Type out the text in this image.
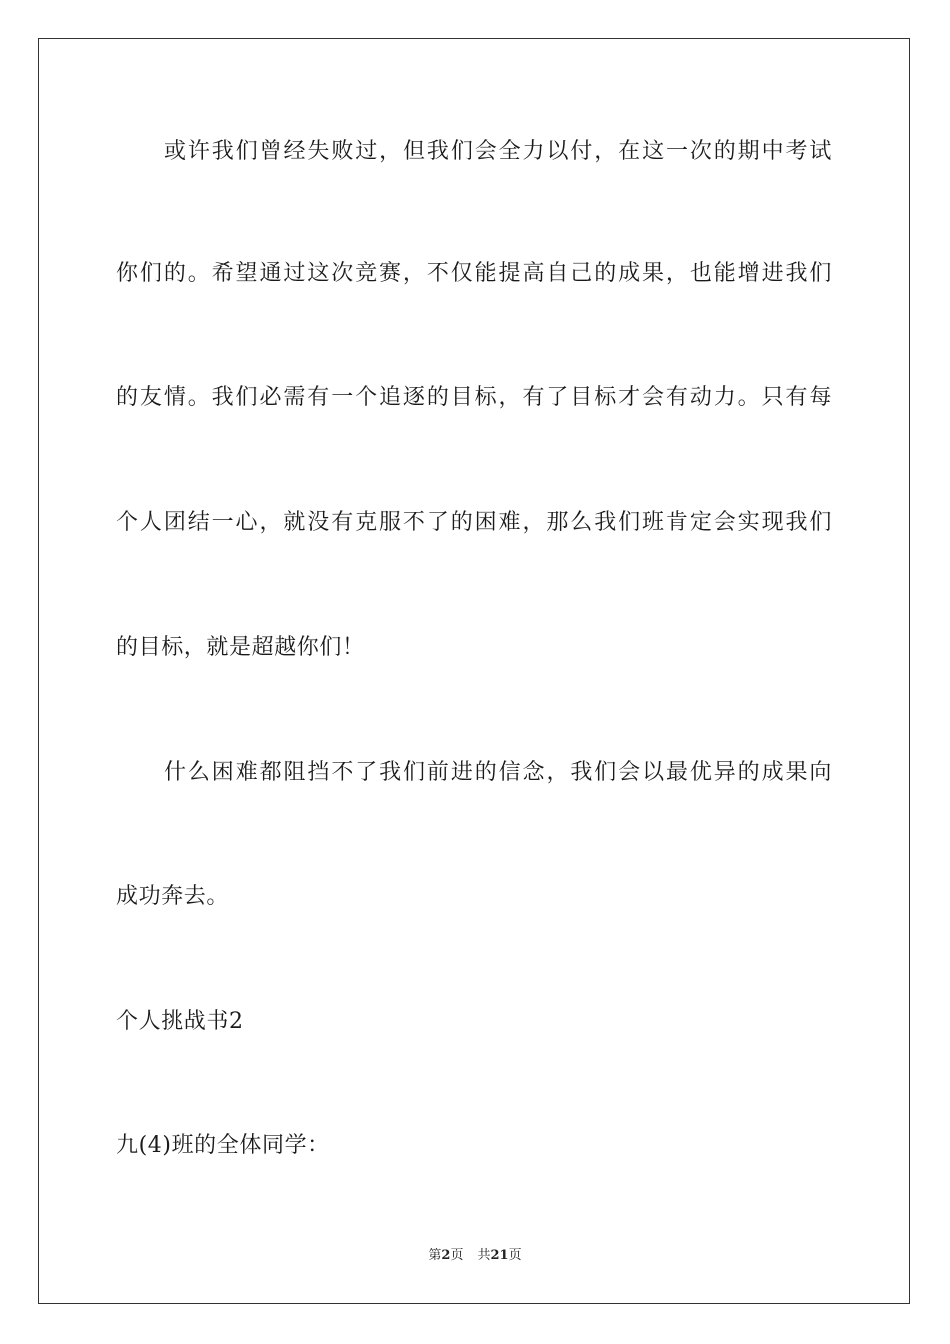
或许我们曾经失败过，但我们会全力以付，在这一次的期中考试
你们的。希望通过这次竞赛，不仅能提高自己的成果，也能增进我们
的友情。我们必需有一个追逐的目标，有了目标才会有动力。只有每
个人团结一心，就没有克服不了的困难，那么我们班肯定会实现我们
的目标，就是超越你们！
什么困难都阻挡不了我们前进的信念，我们会以最优异的成果向
成功奔去。
个人挑战书2
九(4)班的全体同学：
第2页 共21页
